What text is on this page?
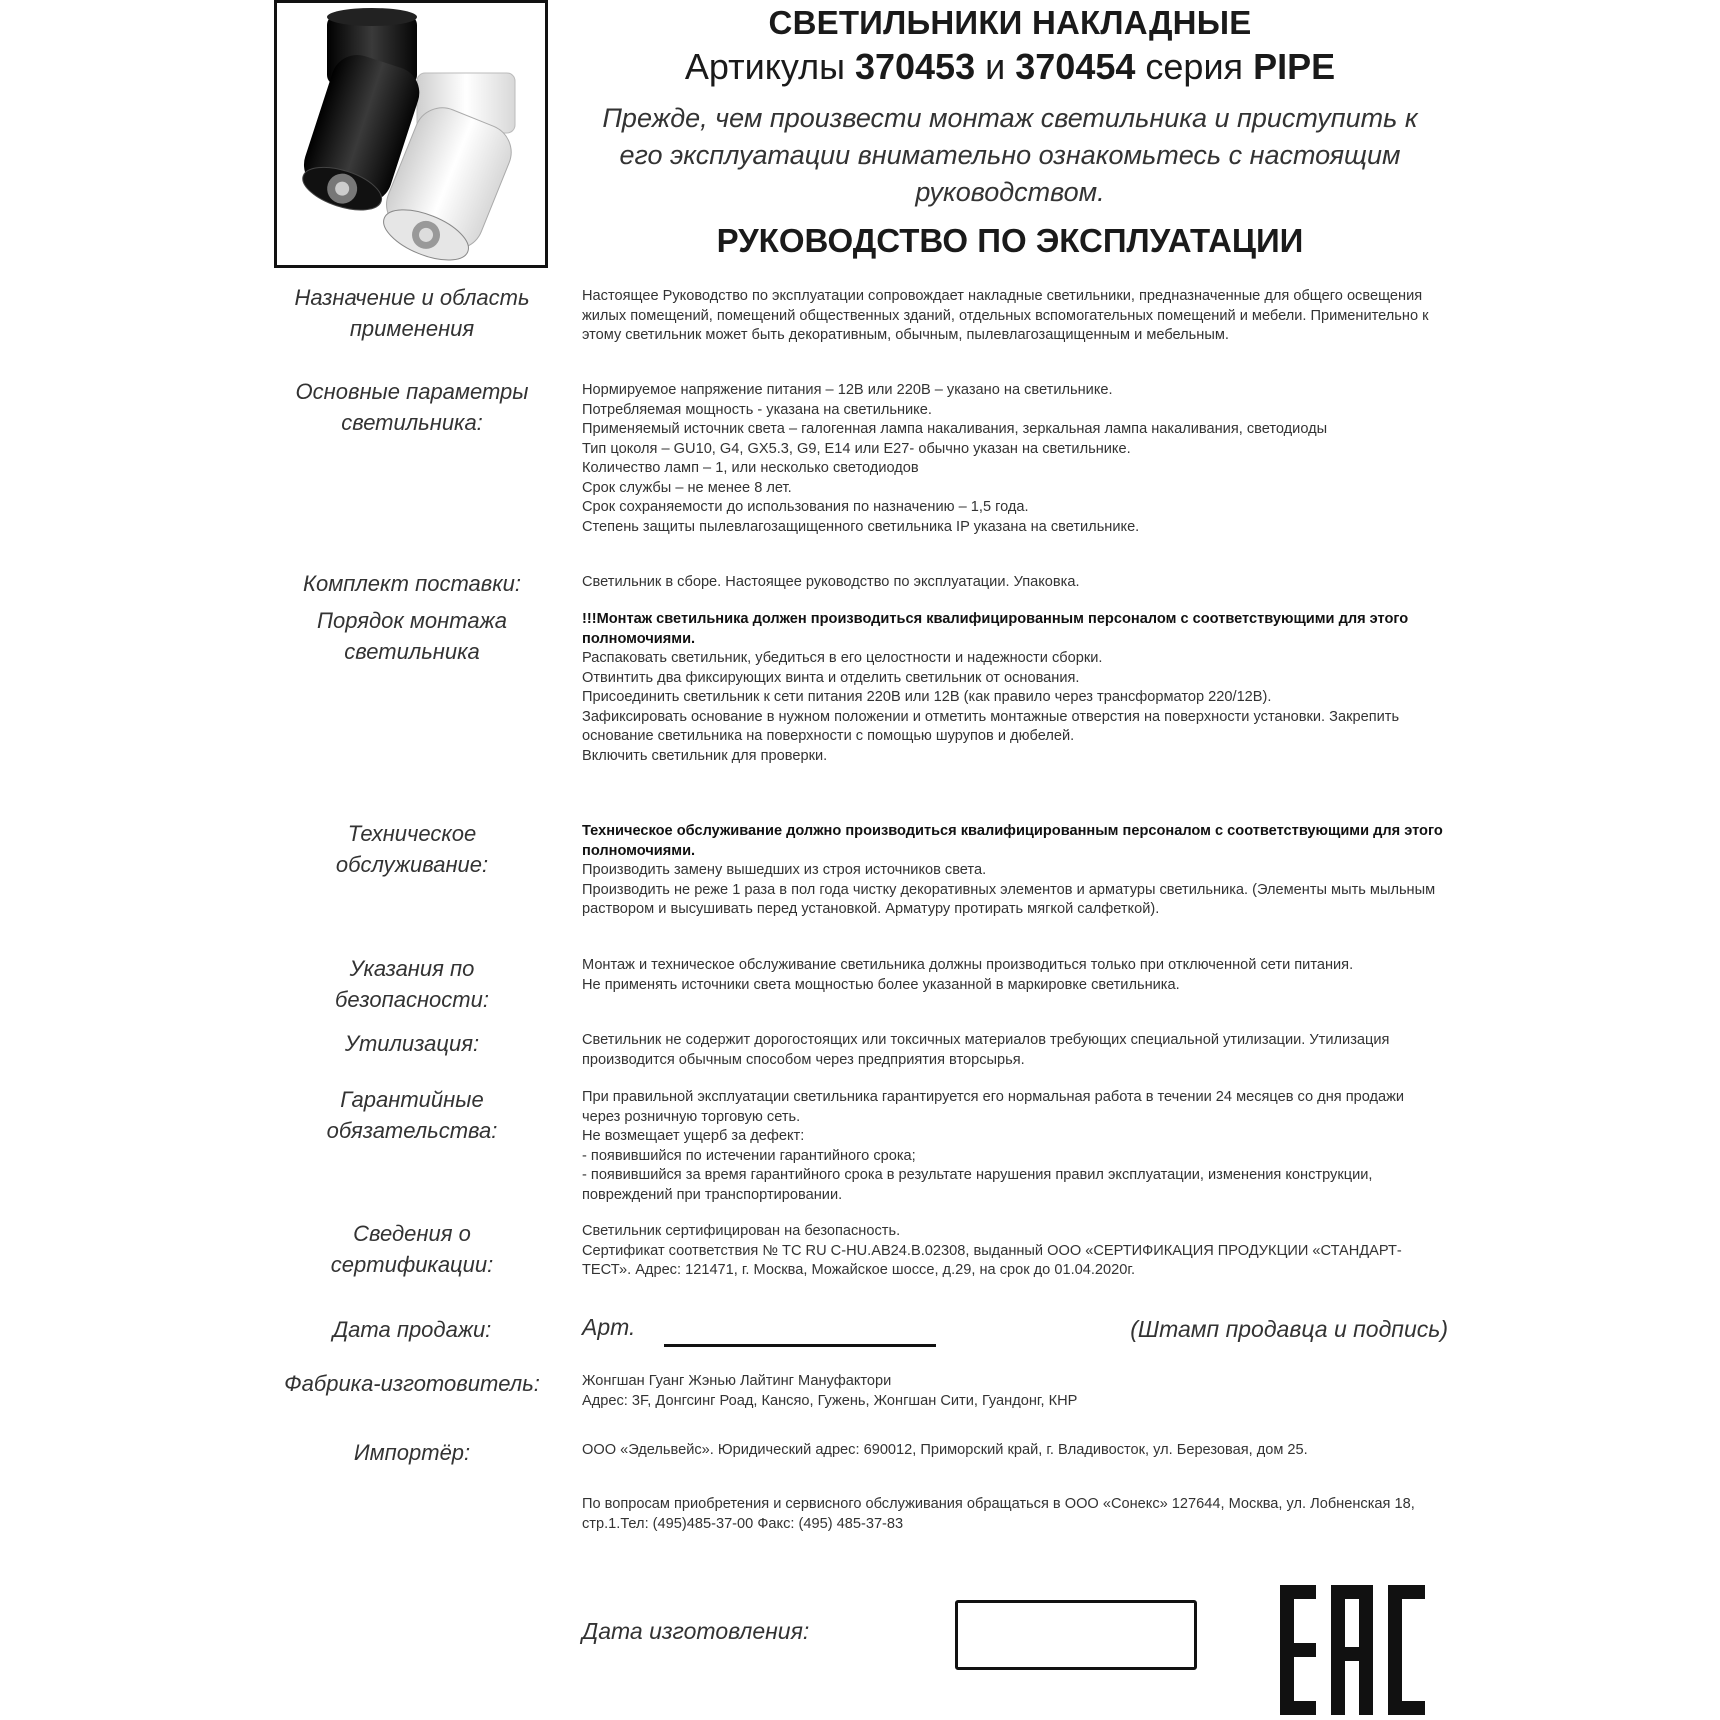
СВЕТИЛЬНИКИ НАКЛАДНЫЕ
Артикулы 370453 и 370454 серия PIPE
Прежде, чем произвести монтаж светильника и приступить к его эксплуатации внимательно ознакомьтесь с настоящим руководством.
РУКОВОДСТВО ПО ЭКСПЛУАТАЦИИ
Назначение и область применения
Основные параметры светильника:
Комплект поставки:
Порядок монтажа светильника
Техническое обслуживание:
Указания по безопасности:
Утилизация:
Гарантийные обязательства:
Сведения о сертификации:
Дата продажи:
Фабрика-изготовитель:
Импортёр:

Настоящее Руководство по эксплуатации сопровождает накладные светильники, предназначенные для общего освещения жилых помещений, помещений общественных зданий, отдельных вспомогательных помещений и мебели. Применительно к этому светильник может быть декоративным, обычным, пылевлагозащищенным и мебельным.

Нормируемое напряжение питания – 12В или 220В – указано на светильнике.

Потребляемая мощность - указана на светильнике.

Применяемый источник света – галогенная лампа накаливания, зеркальная лампа накаливания, светодиоды

Тип цоколя – GU10, G4, GX5.3, G9, E14 или E27- обычно указан на светильнике.

Количество ламп – 1, или несколько светодиодов

Срок службы – не менее 8 лет.

Срок сохраняемости до использования по назначению – 1,5 года.

Степень защиты пылевлагозащищенного светильника IP указана на светильнике.

Светильник в сборе. Настоящее руководство по эксплуатации. Упаковка.

!!!Монтаж светильника должен производиться квалифицированным персоналом с соответствующими для этого полномочиями.

Распаковать светильник, убедиться в его целостности и надежности сборки.

Отвинтить два фиксирующих винта и отделить светильник от основания.

Присоединить светильник к сети питания 220В или 12В (как правило через трансформатор 220/12В).

Зафиксировать основание в нужном положении и отметить монтажные отверстия на поверхности установки. Закрепить основание светильника на поверхности с помощью шурупов и дюбелей.

Включить светильник для проверки.

Техническое обслуживание должно производиться квалифицированным персоналом с соответствующими для этого полномочиями.

Производить замену вышедших из строя источников света.

Производить не реже 1 раза в пол года чистку декоративных элементов и арматуры светильника. (Элементы мыть мыльным раствором и высушивать перед установкой. Арматуру протирать мягкой салфеткой).

Монтаж и техническое обслуживание светильника должны производиться только при отключенной сети питания.

Не применять источники света мощностью более указанной в маркировке светильника.

Светильник не содержит дорогостоящих или токсичных материалов требующих специальной утилизации. Утилизация производится обычным способом через предприятия вторсырья.

При правильной эксплуатации светильника гарантируется его нормальная работа в течении 24 месяцев со дня продажи через розничную торговую сеть.

Не возмещает ущерб за дефект:

- появившийся по истечении гарантийного срока;

- появившийся за время гарантийного срока в результате нарушения правил эксплуатации, изменения конструкции, повреждений при транспортировании.

Светильник сертифицирован на безопасность.

Сертификат соответствия № TC RU C-HU.AB24.B.02308, выданный ООО «СЕРТИФИКАЦИЯ ПРОДУКЦИИ «СТАНДАРТ-ТЕСТ». Адрес: 121471, г. Москва, Можайское шоссе, д.29, на срок до 01.04.2020г.

Арт.	(Штамп продавца и подпись)

Жонгшан Гуанг Жэнью Лайтинг Мануфактори

Адрес: 3F, Донгсинг Роад, Кансяо, Гужень, Жонгшан Сити, Гуандонг, КНР

ООО «Эдельвейс». Юридический адрес: 690012, Приморский край, г. Владивосток, ул. Березовая, дом 25.

По вопросам приобретения и сервисного обслуживания обращаться в ООО «Сонекс» 127644, Москва, ул. Лобненская 18, стр.1.Тел: (495)485-37-00 Факс: (495) 485-37-83

Дата изготовления:
